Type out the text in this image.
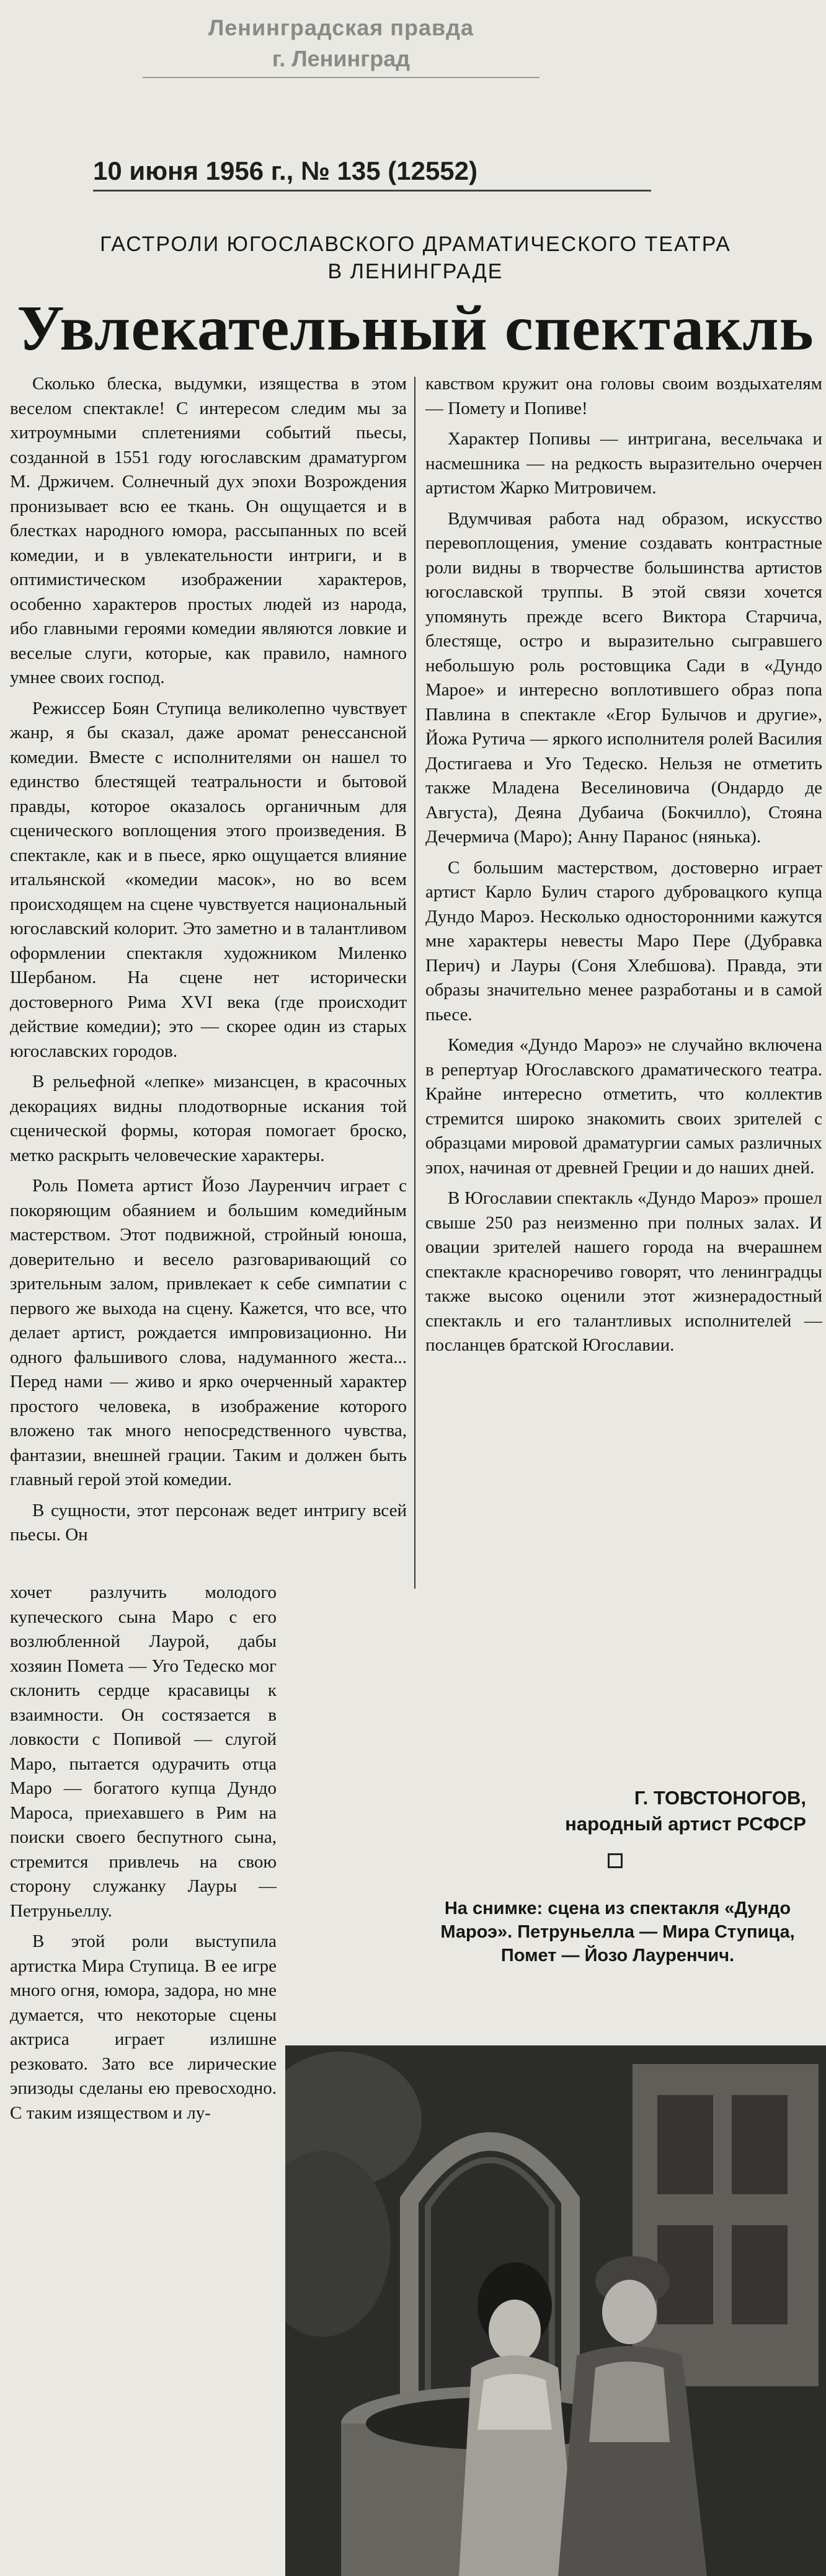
Ленинградская правда
г. Ленинград
10 июня 1956 г., № 135 (12552)
ГАСТРОЛИ ЮГОСЛАВСКОГО ДРАМАТИЧЕСКОГО ТЕАТРА
В ЛЕНИНГРАДЕ
Увлекательный спектакль

Сколько блеска, выдумки, изящества в этом веселом спектакле! С интересом следим мы за хитроумными сплетениями событий пьесы, созданной в 1551 году югославским драматургом М. Држичем. Солнечный дух эпохи Возрождения пронизывает всю ее ткань. Он ощущается и в блестках народного юмора, рассыпанных по всей комедии, и в увлекательности интриги, и в оптимистическом изображении характеров, особенно характеров простых людей из народа, ибо главными героями комедии являются ловкие и веселые слуги, которые, как правило, намного умнее своих господ.

Режиссер Боян Ступица великолепно чувствует жанр, я бы сказал, даже аромат ренессансной комедии. Вместе с исполнителями он нашел то единство блестящей театральности и бытовой правды, которое оказалось органичным для сценического воплощения этого произведения. В спектакле, как и в пьесе, ярко ощущается влияние итальянской «комедии масок», но во всем происходящем на сцене чувствуется национальный югославский колорит. Это заметно и в талантливом оформлении спектакля художником Миленко Шербаном. На сцене нет исторически достоверного Рима XVI века (где происходит действие комедии); это — скорее один из старых югославских городов.

В рельефной «лепке» мизансцен, в красочных декорациях видны плодотворные искания той сценической формы, которая помогает броско, метко раскрыть человеческие характеры.

Роль Помета артист Йозо Лауренчич играет с покоряющим обаянием и большим комедийным мастерством. Этот подвижной, стройный юноша, доверительно и весело разговаривающий со зрительным залом, привлекает к себе симпатии с первого же выхода на сцену. Кажется, что все, что делает артист, рождается импровизационно. Ни одного фальшивого слова, надуманного жеста... Перед нами — живо и ярко очерченный характер простого человека, в изображение которого вложено так много непосредственного чувства, фантазии, внешней грации. Таким и должен быть главный герой этой комедии.

В сущности, этот персонаж ведет интригу всей пьесы. Он

хочет разлучить молодого купеческого сына Маро с его возлюбленной Лаурой, дабы хозяин Помета — Уго Тедеско мог склонить сердце красавицы к взаимности. Он состязается в ловкости с Попивой — слугой Маро, пытается одурачить отца Маро — богатого купца Дундо Мароса, приехавшего в Рим на поиски своего беспутного сына, стремится привлечь на свою сторону служанку Лауры — Петруньеллу.

В этой роли выступила артистка Мира Ступица. В ее игре много огня, юмора, задора, но мне думается, что некоторые сцены актриса играет излишне резковато. Зато все лирические эпизоды сделаны ею превосходно. С таким изяществом и лу-

кавством кружит она головы своим воздыхателям — Помету и Попиве!

Характер Попивы — интригана, весельчака и насмешника — на редкость выразительно очерчен артистом Жарко Митровичем.

Вдумчивая работа над образом, искусство перевоплощения, умение создавать контрастные роли видны в творчестве большинства артистов югославской труппы. В этой связи хочется упомянуть прежде всего Виктора Старчича, блестяще, остро и выразительно сыгравшего небольшую роль ростовщика Сади в «Дундо Марое» и интересно воплотившего образ попа Павлина в спектакле «Егор Булычов и другие», Йожа Рутича — яркого исполнителя ролей Василия Достигаева и Уго Тедеско. Нельзя не отметить также Младена Веселиновича (Ондардо де Августа), Деяна Дубаича (Бокчилло), Стояна Дечермича (Маро); Анну Паранос (нянька).

С большим мастерством, достоверно играет артист Карло Булич старого дубровацкого купца Дундо Мароэ. Несколько односторонними кажутся мне характеры невесты Маро Пере (Дубравка Перич) и Лауры (Соня Хлебшова). Правда, эти образы значительно менее разработаны и в самой пьесе.

Комедия «Дундо Мароэ» не случайно включена в репертуар Югославского драматического театра. Крайне интересно отметить, что коллектив стремится широко знакомить своих зрителей с образцами мировой драматургии самых различных эпох, начиная от древней Греции и до наших дней.

В Югославии спектакль «Дундо Мароэ» прошел свыше 250 раз неизменно при полных залах. И овации зрителей нашего города на вчерашнем спектакле красноречиво говорят, что ленинградцы также высоко оценили этот жизнерадостный спектакль и его талантливых исполнителей — посланцев братской Югославии.

Г. ТОВСТОНОГОВ,
народный артист РСФСР
На снимке: сцена из спектакля «Дундо Мароэ». Петруньелла — Мира Ступица, Помет — Йозо Лауренчич.
